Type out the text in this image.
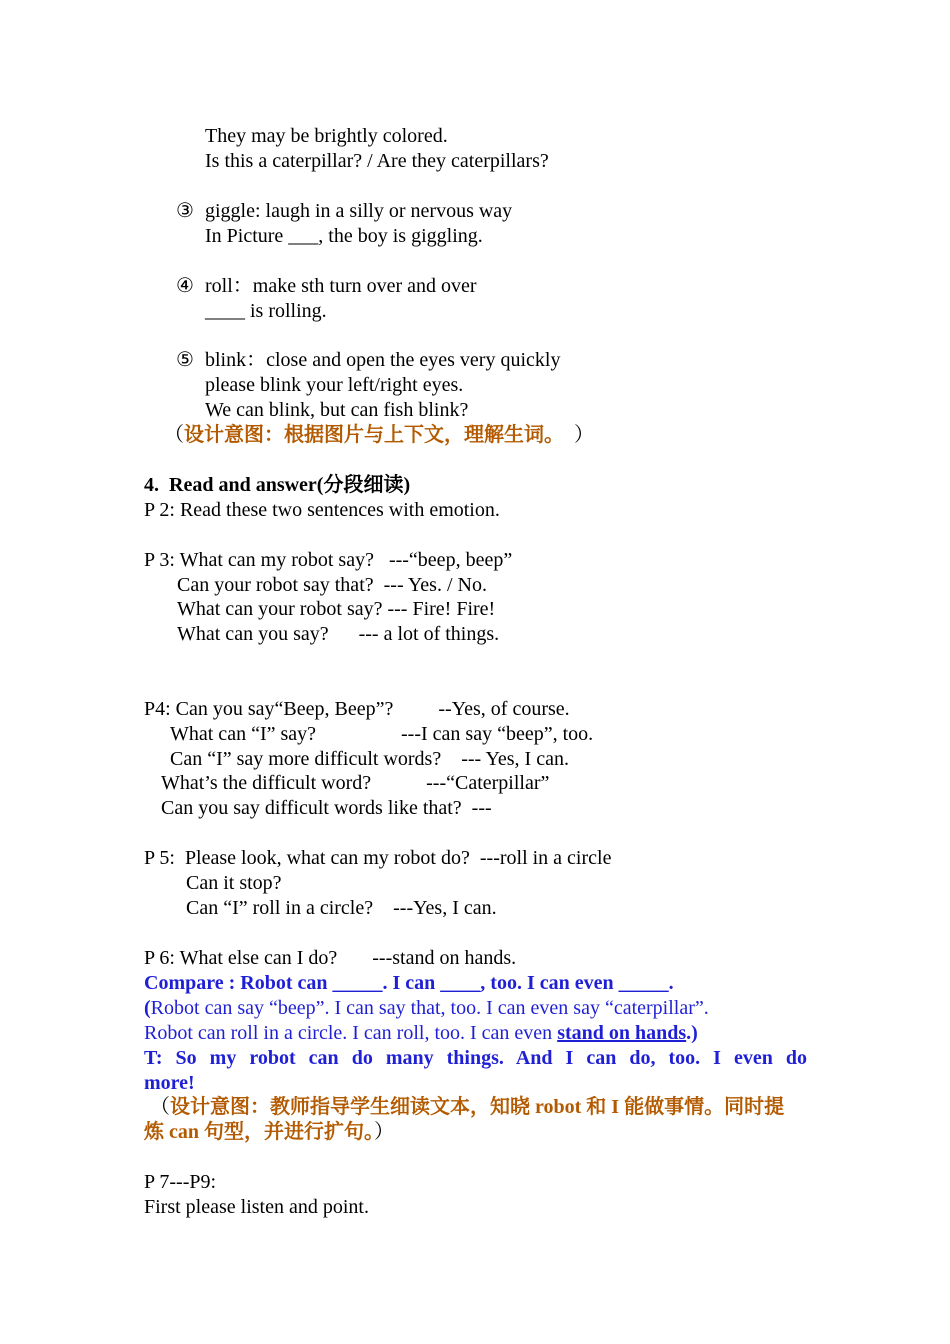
They may be brightly colored.
Is this a caterpillar? / Are they caterpillars?
③ giggle: laugh in a silly or nervous way
In Picture ___, the boy is giggling.
④ roll：make sth turn over and over
____ is rolling.
⑤ blink：close and open the eyes very quickly
please blink your left/right eyes.
We can blink, but can fish blink?
（设计意图：根据图片与上下文，理解生词。  ）
4.  Read and answer(分段细读)
P 2: Read these two sentences with emotion.
P 3: What can my robot say?   ---“beep, beep”
Can your robot say that?  --- Yes. / No.
What can your robot say? --- Fire! Fire!
What can you say?      --- a lot of things.
P4: Can you say“Beep, Beep”?         --Yes, of course.
What can “I” say?                 ---I can say “beep”, too.
Can “I” say more difficult words?    --- Yes, I can.
What’s the difficult word?           ---“Caterpillar”
Can you say difficult words like that?  ---
P 5:  Please look, what can my robot do?  ---roll in a circle
Can it stop?
Can “I” roll in a circle?    ---Yes, I can.
P 6: What else can I do?       ---stand on hands.
Compare : Robot can _____. I can ____, too. I can even _____.
(Robot can say “beep”. I can say that, too. I can even say “caterpillar”.
Robot can roll in a circle. I can roll, too. I can even stand on hands.)
T: So my robot can do many things. And I can do, too. I even do
more!
（设计意图：教师指导学生细读文本，知晓 robot 和 I 能做事情。同时提
炼 can 句型，并进行扩句。）
P 7---P9:
First please listen and point.
